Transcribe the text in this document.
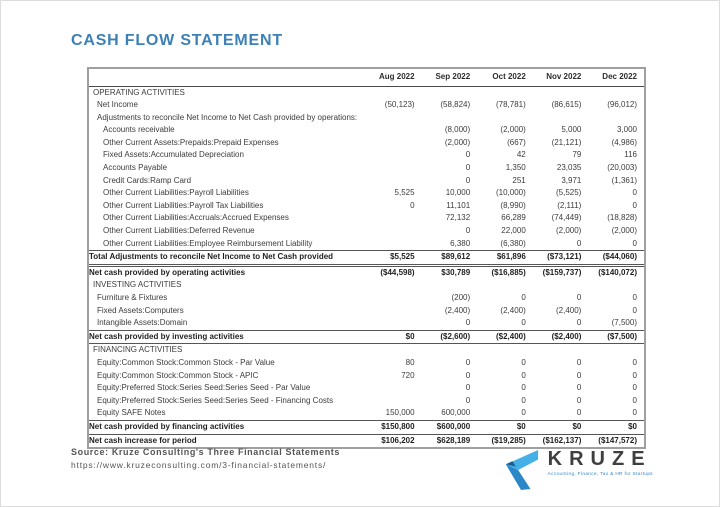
CASH FLOW STATEMENT
	Aug 2022	Sep 2022	Oct 2022	Nov 2022	Dec 2022
OPERATING ACTIVITIES					
Net Income	(50,123)	(58,824)	(78,781)	(86,615)	(96,012)
Adjustments to reconcile Net Income to Net Cash provided by operations:					
Accounts receivable		(8,000)	(2,000)	5,000	3,000
Other Current Assets:Prepaids:Prepaid Expenses		(2,000)	(667)	(21,121)	(4,986)
Fixed Assets:Accumulated Depreciation		0	42	79	116
Accounts Payable		0	1,350	23,035	(20,003)
Credit Cards:Ramp Card		0	251	3,971	(1,361)
Other Current Liabilities:Payroll Liabilities	5,525	10,000	(10,000)	(5,525)	0
Other Current Liabilities:Payroll Tax Liabilities	0	11,101	(8,990)	(2,111)	0
Other Current Liabilities:Accruals:Accrued Expenses		72,132	66,289	(74,449)	(18,828)
Other Current Liabilities:Deferred Revenue		0	22,000	(2,000)	(2,000)
Other Current Liabilities:Employee Reimbursement Liability		6,380	(6,380)	0	0
Total Adjustments to reconcile Net Income to Net Cash provided	$5,525	$89,612	$61,896	($73,121)	($44,060)
Net cash provided by operating activities	($44,598)	$30,789	($16,885)	($159,737)	($140,072)
INVESTING ACTIVITIES					
Furniture & Fixtures		(200)	0	0	0
Fixed Assets:Computers		(2,400)	(2,400)	(2,400)	0
Intangible Assets:Domain		0	0	0	(7,500)
Net cash provided by investing activities	$0	($2,600)	($2,400)	($2,400)	($7,500)
FINANCING ACTIVITIES					
Equity:Common Stock:Common Stock - Par Value	80	0	0	0	0
Equity:Common Stock:Common Stock - APIC	720	0	0	0	0
Equity:Preferred Stock:Series Seed:Series Seed - Par Value		0	0	0	0
Equity:Preferred Stock:Series Seed:Series Seed - Financing Costs		0	0	0	0
Equity SAFE Notes	150,000	600,000	0	0	0
Net cash provided by financing activities	$150,800	$600,000	$0	$0	$0
Net cash increase for period	$106,202	$628,189	($19,285)	($162,137)	($147,572)
Source: Kruze Consulting's Three Financial Statements
https://www.kruzeconsulting.com/3-financial-statements/	KRUZE
Accounting, Finance, Tax & HR for Startups
